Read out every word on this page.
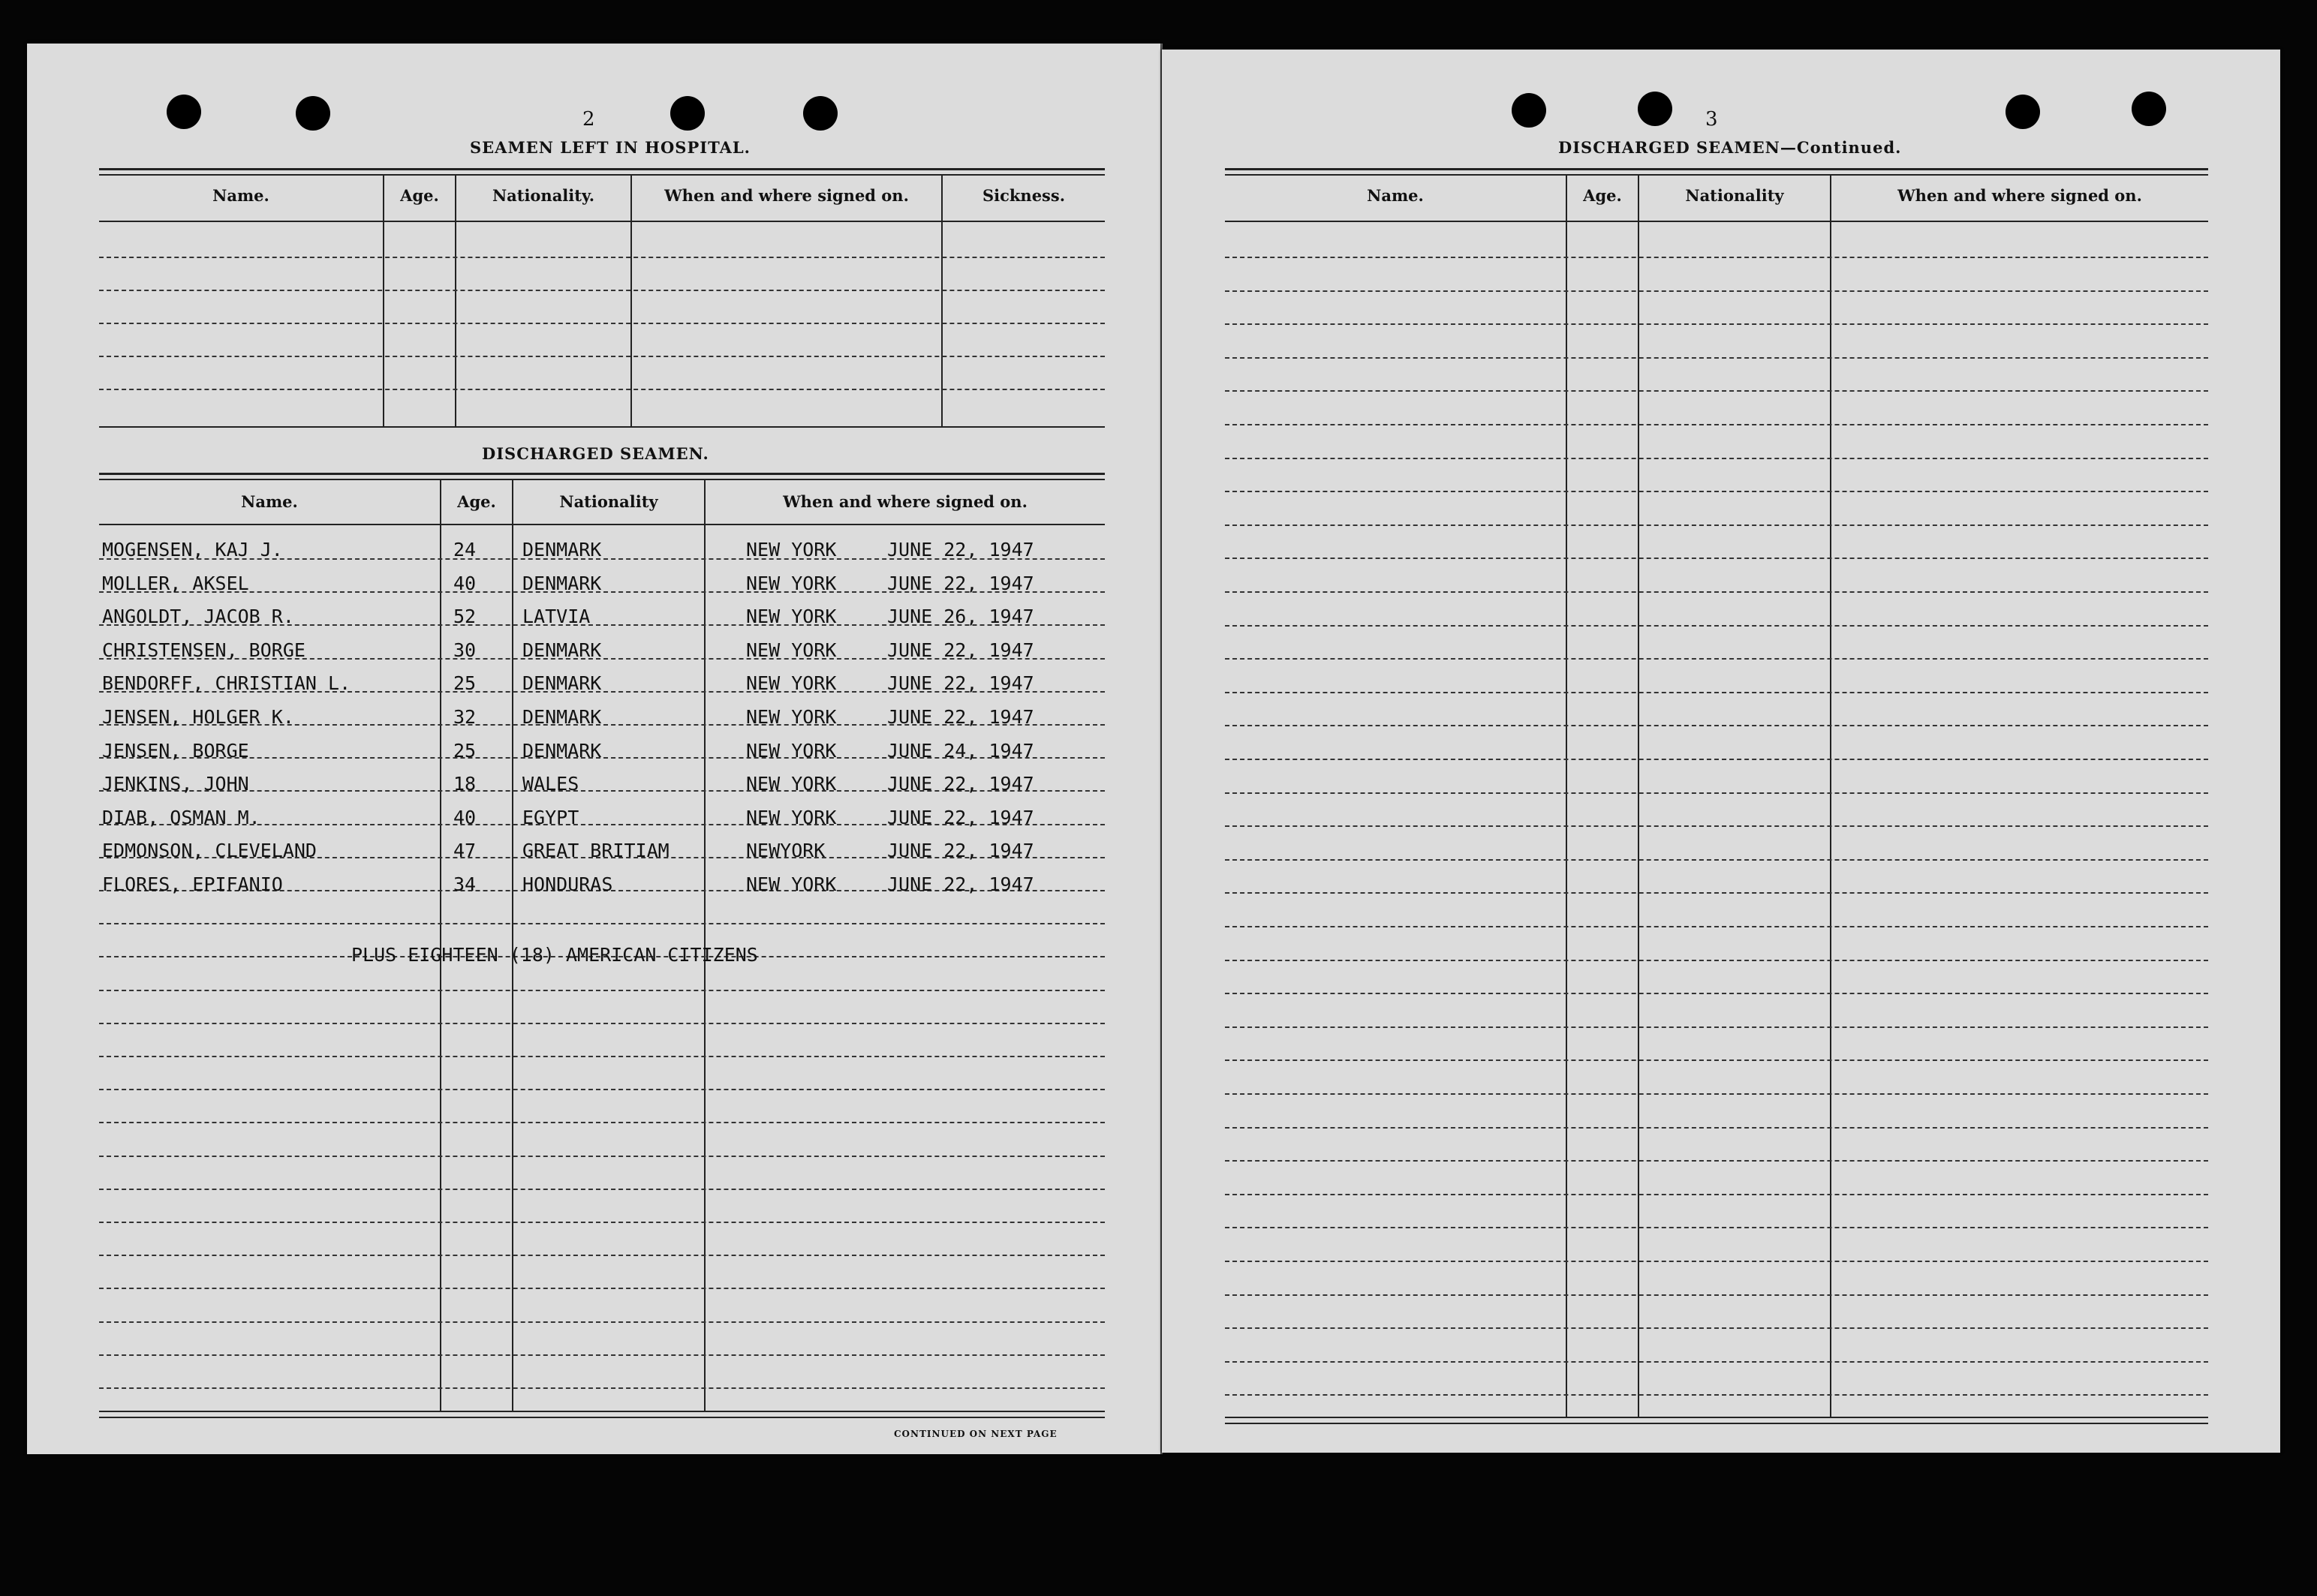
2
SEAMEN LEFT IN HOSPITAL.
Name.	Age.	Nationality.	When and where signed on.	Sickness.
DISCHARGED SEAMEN.
Name.	Age.	Nationality	When and where signed on.
MOGENSEN, KAJ J.	24 DENMARK	NEW YORK	JUNE 22, 1947
MOLLER, AKSEL	40 DENMARK	NEW YORK	JUNE 22, 1947
ANGOLDT, JACOB R.	52 LATVIA	NEW YORK	JUNE 26, 1947
CHRISTENSEN, BORGE	30 DENMARK	NEW YORK	JUNE 22, 1947
BENDORFF, CHRISTIAN L.	25 DENMARK	NEW YORK	JUNE 22, 1947
JENSEN, HOLGER K.	32 DENMARK	NEW YORK	JUNE 22, 1947
JENSEN, BORGE	25 DENMARK	NEW YORK	JUNE 24, 1947
JENKINS, JOHN	18 WALES	NEW YORK	JUNE 22, 1947
DIAB, OSMAN M.	40 EGYPT	NEW YORK	JUNE 22, 1947
EDMONSON, CLEVELAND	47 GREAT BRITIAM	NEWYORK	JUNE 22, 1947
FLORES, EPIFANIO	34 HONDURAS	NEW YORK	JUNE 22, 1947
PLUS EIGHTEEN (18) AMERICAN CITIZENS
CONTINUED ON NEXT PAGE
3
DISCHARGED SEAMEN—Continued.
Name.	Age.	Nationality	When and where signed on.
